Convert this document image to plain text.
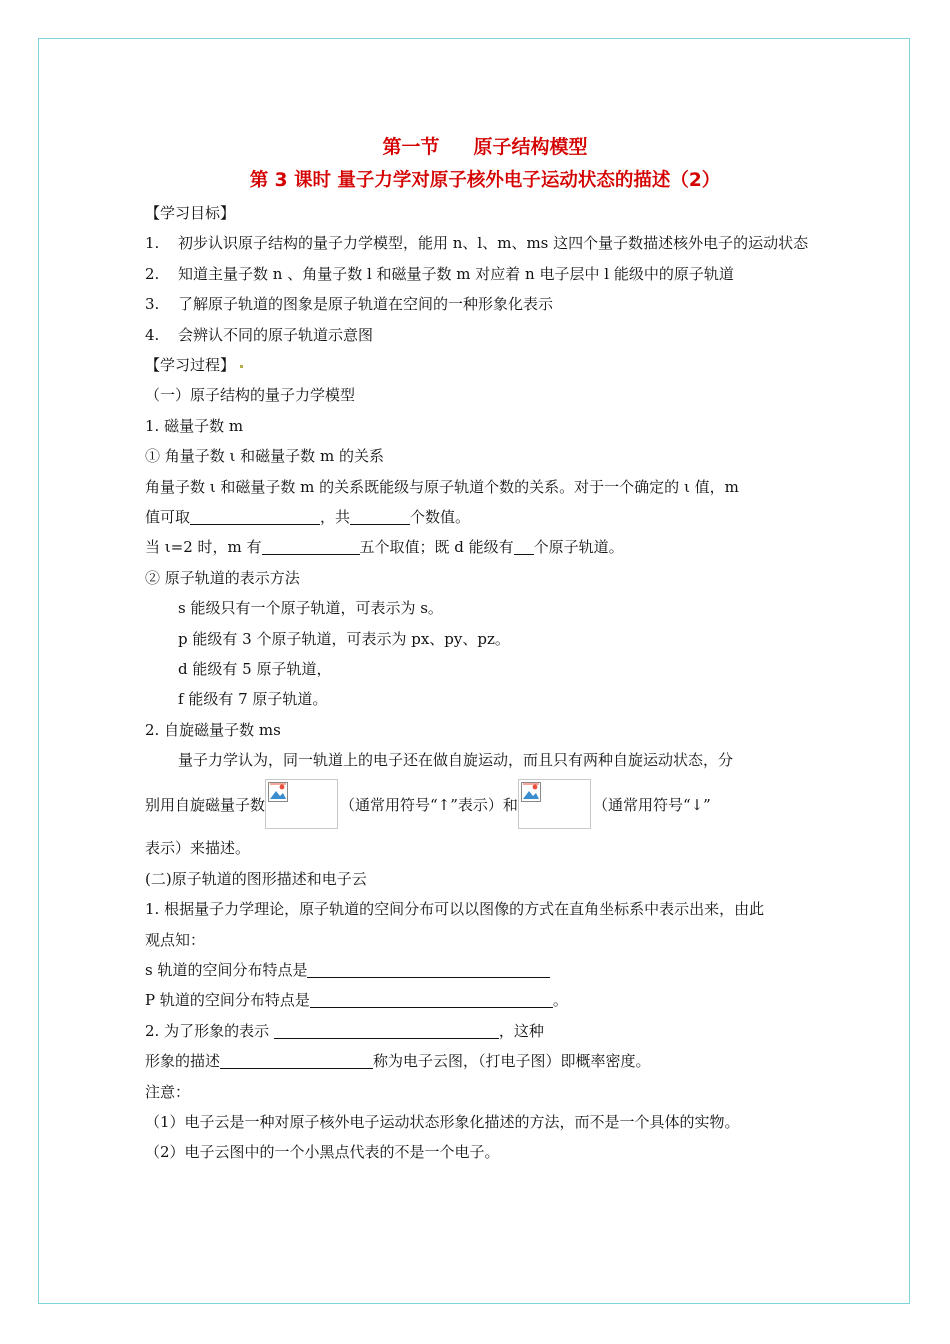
第一节 原子结构模型
第 3 课时 量子力学对原子核外电子运动状态的描述（2）
【学习目标】
1.	初步认识原子结构的量子力学模型，能用 n、l、m、ms 这四个量子数描述核外电子的运动状态
2.	知道主量子数 n 、角量子数 l 和磁量子数 m 对应着 n 电子层中 l 能级中的原子轨道
3.	了解原子轨道的图象是原子轨道在空间的一种形象化表示
4.	会辨认不同的原子轨道示意图
【学习过程】
（一）原子结构的量子力学模型
1. 磁量子数 m
① 角量子数 ι 和磁量子数 m 的关系
角量子数 ι 和磁量子数 m 的关系既能级与原子轨道个数的关系。对于一个确定的 ι 值，m
值可取	，共	个数值。
当 ι=2 时，m 有	五个取值；既 d 能级有 个原子轨道。
② 原子轨道的表示方法
s 能级只有一个原子轨道，可表示为 s。
p 能级有 3 个原子轨道，可表示为 px、py、pz。
d 能级有 5 原子轨道，
f 能级有 7 原子轨道。
2. 自旋磁量子数 ms
量子力学认为，同一轨道上的电子还在做自旋运动，而且只有两种自旋运动状态，分
别用自旋磁量子数	（通常用符号“↑”表示）和	（通常用符号“↓”
表示）来描述。
(二)原子轨道的图形描述和电子云
1. 根据量子力学理论，原子轨道的空间分布可以以图像的方式在直角坐标系中表示出来，由此
观点知：
s 轨道的空间分布特点是
P 轨道的空间分布特点是	。
2. 为了形象的表示	，这种
形象的描述	称为电子云图，（打电子图）即概率密度。
注意：
（1）电子云是一种对原子核外电子运动状态形象化描述的方法，而不是一个具体的实物。
（2）电子云图中的一个小黑点代表的不是一个电子。
